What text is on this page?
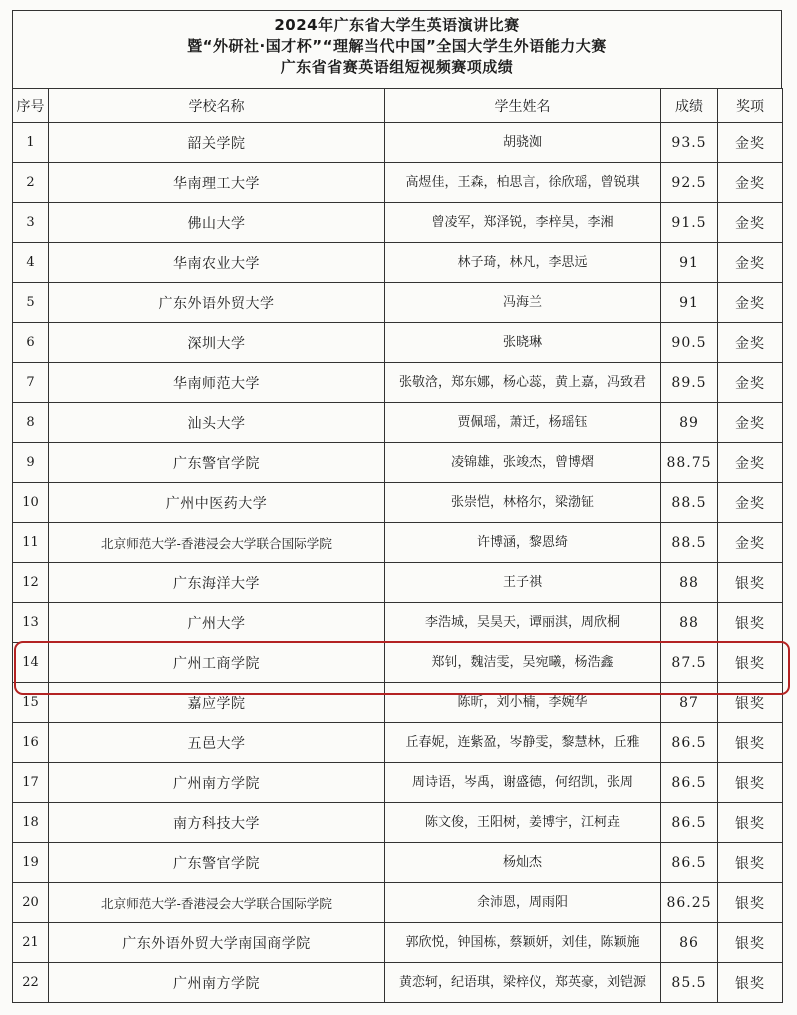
2024年广东省大学生英语演讲比赛
暨“外研社·国才杯”“理解当代中国”全国大学生外语能力大赛
广东省省赛英语组短视频赛项成绩
序号	学校名称	学生姓名	成绩	奖项
1	韶关学院	胡骁洳	93.5	金奖
2	华南理工大学	高煜佳，王森，柏思言，徐欣瑶，曾锐琪	92.5	金奖
3	佛山大学	曾凌军，郑泽锐，李梓昊，李湘	91.5	金奖
4	华南农业大学	林子琦，林凡，李思远	91	金奖
5	广东外语外贸大学	冯海兰	91	金奖
6	深圳大学	张晓琳	90.5	金奖
7	华南师范大学	张敬浛，郑东娜，杨心蕊，黄上嘉，冯致君	89.5	金奖
8	汕头大学	贾佩瑶，萧迁，杨瑶钰	89	金奖
9	广东警官学院	凌锦雄，张竣杰，曾博熠	88.75	金奖
10	广州中医药大学	张崇恺，林格尔，梁渤钲	88.5	金奖
11	北京师范大学-香港浸会大学联合国际学院	许博涵，黎恩绮	88.5	金奖
12	广东海洋大学	王子祺	88	银奖
13	广州大学	李浩城，吴昊天，谭丽淇，周欣桐	88	银奖
14	广州工商学院	郑钊，魏洁雯，吴宛曦，杨浩鑫	87.5	银奖
15	嘉应学院	陈昕，刘小楠，李婉华	87	银奖
16	五邑大学	丘春妮，连紫盈，岑静雯，黎慧林，丘雅	86.5	银奖
17	广州南方学院	周诗语，岑禹，谢盛德，何绍凯，张周	86.5	银奖
18	南方科技大学	陈文俊，王阳树，姜博宇，江柯垚	86.5	银奖
19	广东警官学院	杨灿杰	86.5	银奖
20	北京师范大学-香港浸会大学联合国际学院	余沛恩，周雨阳	86.25	银奖
21	广东外语外贸大学南国商学院	郭欣悦，钟国栋，蔡颖妍，刘佳，陈颖施	86	银奖
22	广州南方学院	黄恋轲，纪语琪，梁梓仪，郑英豪，刘铠源	85.5	银奖
